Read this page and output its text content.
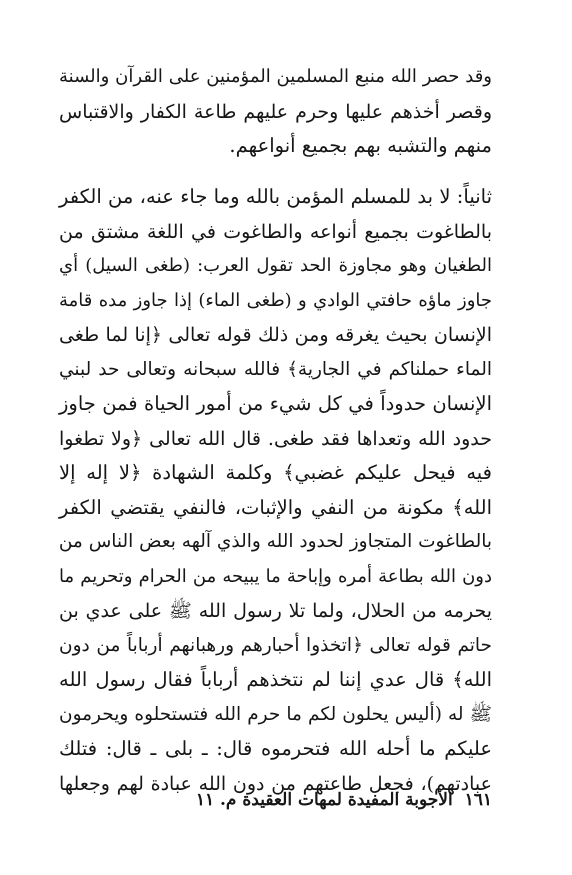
وقد حصر الله منبع المسلمين المؤمنين على القرآن والسنة
وقصر أخذهم عليها وحرم عليهم طاعة الكفار والاقتباس
منهم والتشبه بهم بجميع أنواعهم.
ثانياً: لا بد للمسلم المؤمن بالله وما جاء عنه، من الكفر
بالطاغوت بجميع أنواعه والطاغوت في اللغة مشتق من
الطغيان وهو مجاوزة الحد تقول العرب: (طغى السيل) أي
جاوز ماؤه حافتي الوادي و (طغى الماء) إذا جاوز مده قامة
الإنسان بحيث يغرقه ومن ذلك قوله تعالى ﴿إنا لما طغى
الماء حملناكم في الجارية﴾ فالله سبحانه وتعالى حد لبني
الإنسان حدوداً في كل شيء من أمور الحياة فمن جاوز
حدود الله وتعداها فقد طغى. قال الله تعالى ﴿ولا تطغوا
فيه فيحل عليكم غضبي﴾ وكلمة الشهادة ﴿لا إله إلا
الله﴾ مكونة من النفي والإثبات، فالنفي يقتضي الكفر
بالطاغوت المتجاوز لحدود الله والذي آلهه بعض الناس من
دون الله بطاعة أمره وإباحة ما يبيحه من الحرام وتحريم ما
يحرمه من الحلال، ولما تلا رسول الله ﷺ على عدي بن
حاتم قوله تعالى ﴿اتخذوا أحبارهم ورهبانهم أرباباً من دون
الله﴾ قال عدي إننا لم نتخذهم أرباباً فقال رسول الله
ﷺ له (أليس يحلون لكم ما حرم الله فتستحلوه ويحرمون
عليكم ما أحله الله فتحرموه قال: ـ بلى ـ قال: فتلك
عبادتهم)، فجعل طاعتهم من دون الله عبادة لهم وجعلها
١٦١ الأجوبة المفيدة لمهات العقيدة م. ١١
